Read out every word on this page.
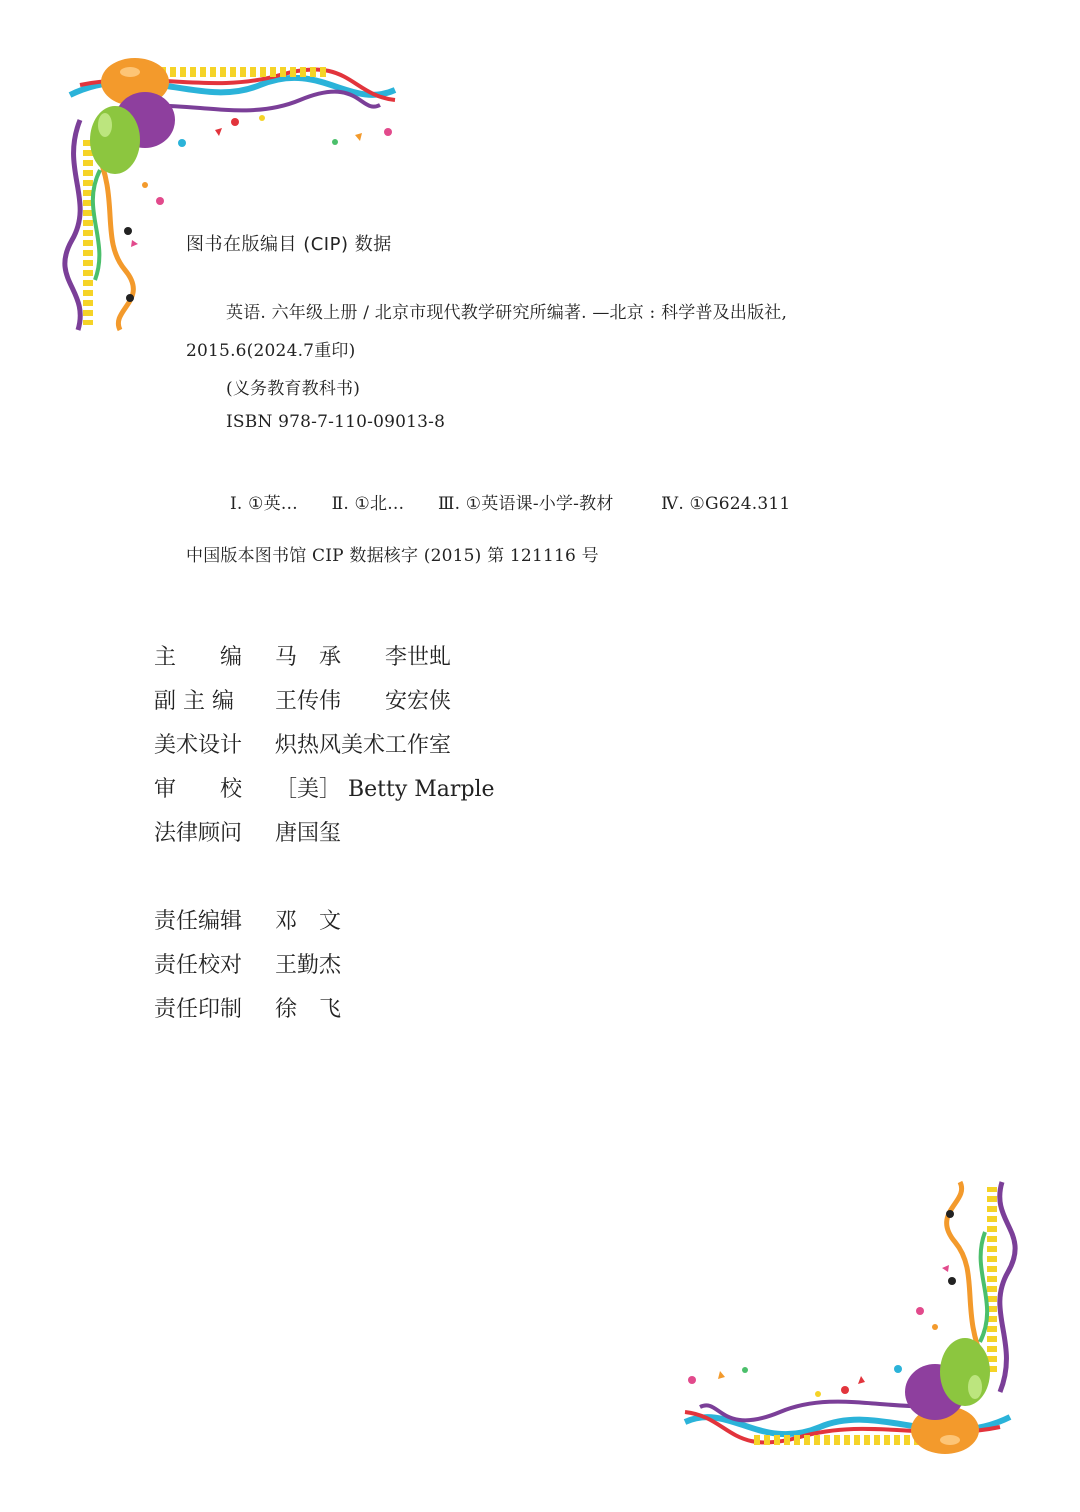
图书在版编目 (CIP) 数据
英语. 六年级上册 / 北京市现代教学研究所编著. —北京 : 科学普及出版社,
2015.6(2024.7重印)
(义务教育教科书)
ISBN 978-7-110-09013-8
Ⅰ. ①英… Ⅱ. ①北… Ⅲ. ①英语课-小学-教材	Ⅳ. ①G624.311
中国版本图书馆 CIP 数据核字 (2015) 第 121116 号
主　　编 马　承　　李世虬
副 主 编 王传伟　　安宏侠
美术设计 炽热风美术工作室
审　　校 ［美］ Betty Marple
法律顾问 唐国玺
责任编辑 邓　文
责任校对 王勤杰
责任印制 徐　飞
